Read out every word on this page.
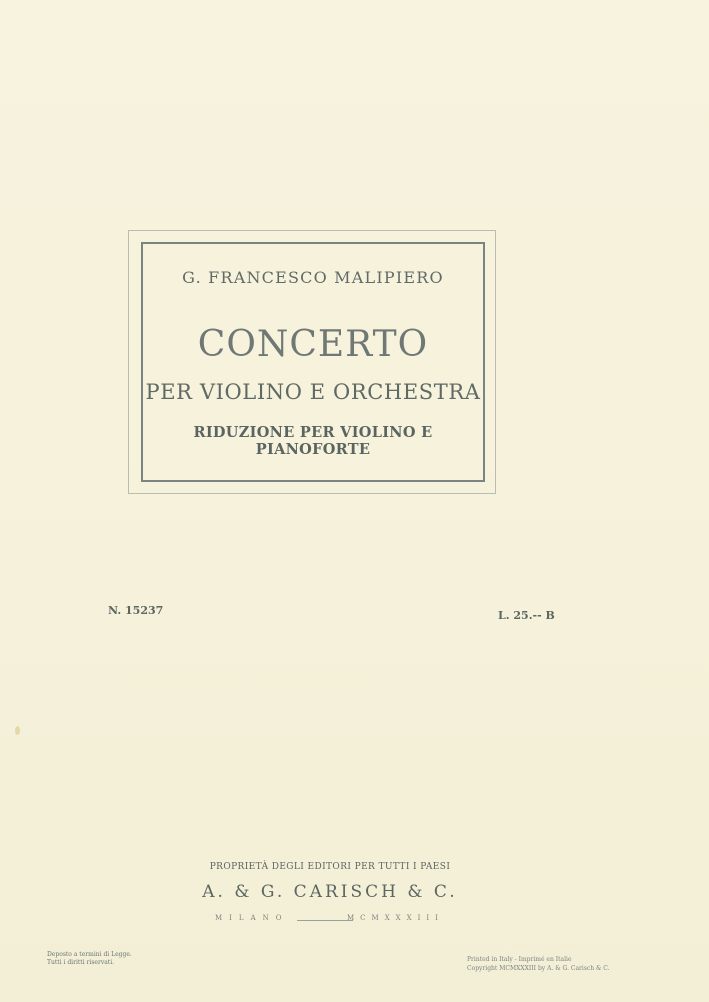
G. FRANCESCO MALIPIERO
CONCERTO
PER VIOLINO E ORCHESTRA
RIDUZIONE PER VIOLINO E PIANOFORTE
N. 15237	L. 25.-- B
PROPRIETÀ DEGLI EDITORI PER TUTTI I PAESI
A. & G. CARISCH & C.
MILANO	MCMXXXIII
Deposto a termini di Legge.
Tutti i diritti riservati.	Printed in Italy - Imprimé en Italie
Copyright MCMXXXIII by A. & G. Carisch & C.
